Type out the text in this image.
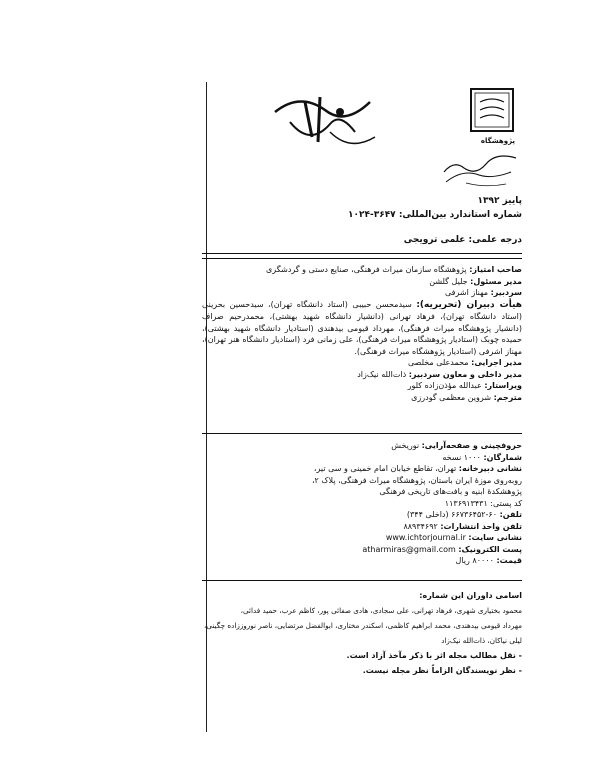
پژوهشگاه
پاییز ۱۳۹۲
شماره استاندارد بین‌المللی: ۳۶۴۷-۱۰۲۴
درجه علمی: علمی ترویجی

صاحب امتیاز: پژوهشگاه سازمان میراث فرهنگی، صنایع دستی و گردشگری

مدیر مسئول: جلیل گلشن

سردبیر: مهناز اشرفی

هیأت دبیران (تحریریه): سیدمحسن حبیبی (استاد دانشگاه تهران)، سیدحسین بحرینی (استاد دانشگاه تهران)، فرهاد تهرانی (دانشیار دانشگاه شهید بهشتی)، محمدرحیم صراف (دانشیار پژوهشگاه میراث فرهنگی)، مهرداد قیومی بیدهندی (استادیار دانشگاه شهید بهشتی)، حمیده چوبک (استادیار پژوهشگاه میراث فرهنگی)، علی زمانی فرد (استادیار دانشگاه هنر تهران)، مهناز اشرفی (استادیار پژوهشگاه میراث فرهنگی).

مدیر اجرایی: محمدعلی مخلصی

مدیر داخلی و معاون سردبیر: ذات‌الله نیک‌زاد

ویراستار: عبدالله مؤذن‌زاده کلور

مترجم: شروین معظمی گودرزی

حروفچینی و صفحه‌آرایی: نوریخش

شمارگان: ۱۰۰۰ نسخه

نشانی دبیرخانه: تهران، تقاطع خیابان امام خمینی و سی تیر،

روبه‌روی موزهٔ ایران باستان، پژوهشگاه میراث فرهنگی، پلاک ۲،

پژوهشکدهٔ ابنیه و بافت‌های تاریخی فرهنگی

کد پستی: ۱۱۳۶۹۱۳۴۳۱

تلفن: ۶۰-۶۶۷۳۶۴۵۲ (داخلی ۳۴۴)

تلفن واحد انتشارات: ۸۸۹۳۴۶۹۲

نشانی سایت: www.ichtorjournal.ir

پست الکترونیک: atharmiras@gmail.com

قیمت: ۸۰۰۰۰ ریال

اسامی داوران این شماره:

محمود بختیاری شهری، فرهاد تهرانی، علی سجادی، هادی صفائی پور، کاظم عرب، حمید فدائی،

مهرداد قیومی بیدهندی، محمد ابراهیم کاظمی، اسکندر مختاری، ابوالفضل مرتضایی، ناصر نوروززاده چگینی،

لیلی نیاکان، ذات‌الله نیک‌زاد

- نقل مطالب مجله اثر با ذکر مآخذ آزاد است.

- نظر نویسندگان الزاماً نظر مجله نیست.
